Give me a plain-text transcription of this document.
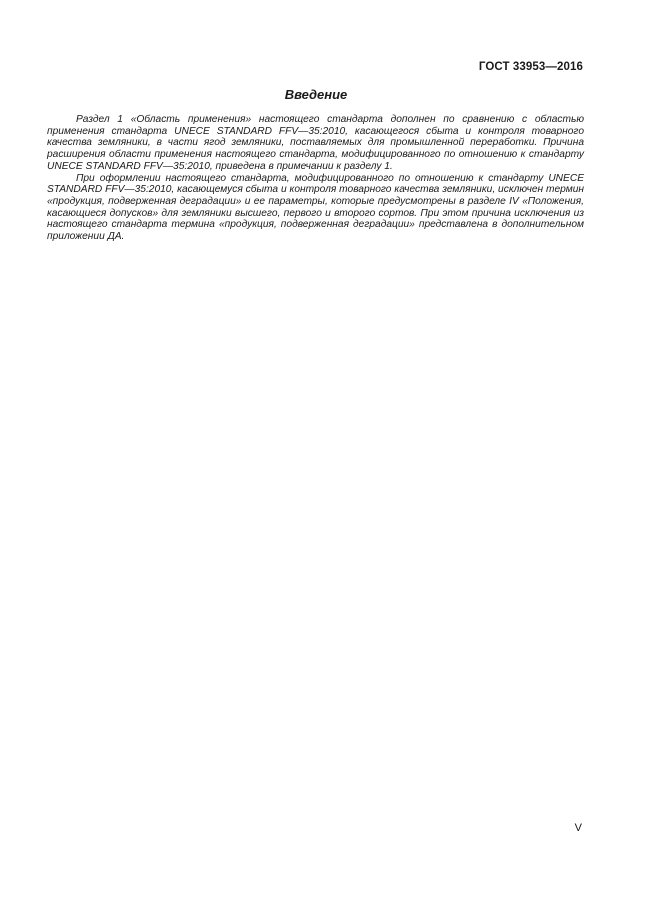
ГОСТ 33953—2016
Введение

Раздел 1 «Область применения» настоящего стандарта дополнен по сравнению с областью применения стандарта UNECE STANDARD FFV—35:2010, касающегося сбыта и контроля товарного качества земляники, в части ягод земляники, поставляемых для промышленной переработки. Причина расширения области применения настоящего стандарта, модифицированного по отношению к стандарту UNECE STANDARD FFV—35:2010, приведена в примечании к разделу 1.

При оформлении настоящего стандарта, модифицированного по отношению к стандарту UNECE STANDARD FFV—35:2010, касающемуся сбыта и контроля товарного качества земляники, исключен термин «продукция, подверженная деградации» и ее параметры, которые предусмотрены в разделе IV «Положения, касающиеся допусков» для земляники высшего, первого и второго сортов. При этом причина исключения из настоящего стандарта термина «продукция, подверженная деградации» представлена в дополнительном приложении ДА.

V
